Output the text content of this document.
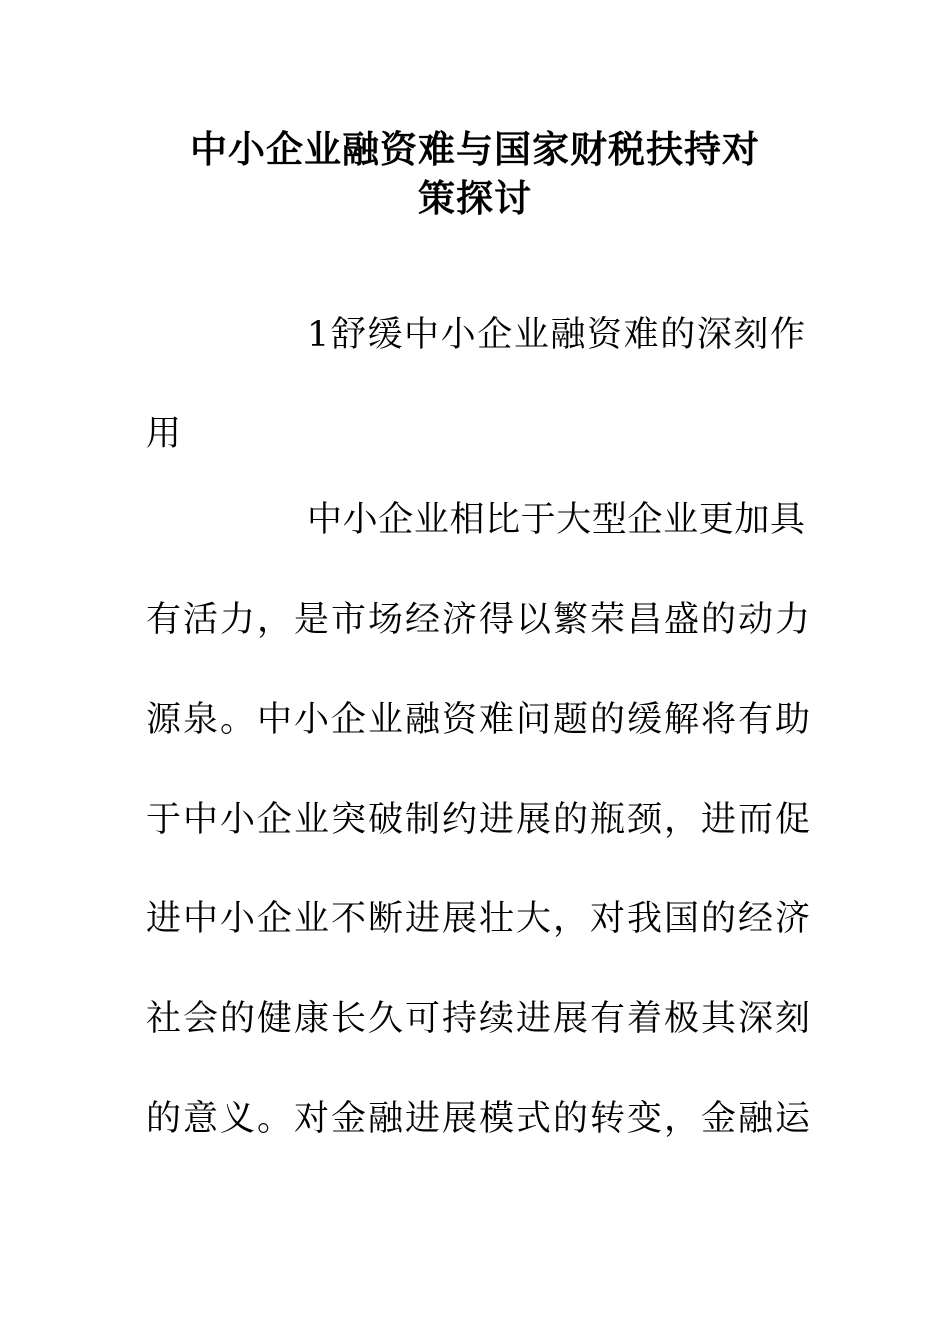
中小企业融资难与国家财税扶持对
策探讨
1舒缓中小企业融资难的深刻作
用
中小企业相比于大型企业更加具
有活力，是市场经济得以繁荣昌盛的动力
源泉。中小企业融资难问题的缓解将有助
于中小企业突破制约进展的瓶颈，进而促
进中小企业不断进展壮大，对我国的经济
社会的健康长久可持续进展有着极其深刻
的意义。对金融进展模式的转变，金融运
